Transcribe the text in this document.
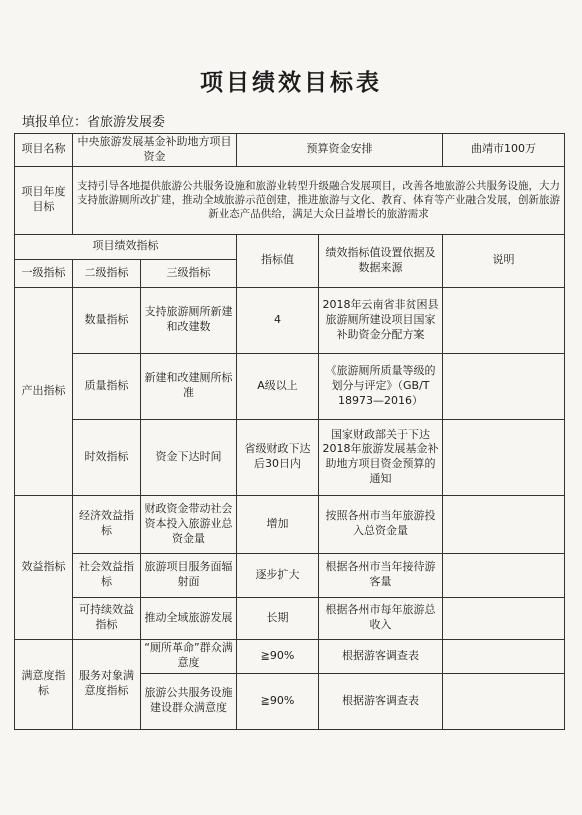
项目绩效目标表
填报单位：省旅游发展委
项目名称	中央旅游发展基金补助地方项目资金		预算资金安排		曲靖市100万
项目年度目标	支持引导各地提供旅游公共服务设施和旅游业转型升级融合发展项目，改善各地旅游公共服务设施，大力支持旅游厕所改扩建，推动全域旅游示范创建，推进旅游与文化、教育、体育等产业融合发展，创新旅游新业态产品供给，满足大众日益增长的旅游需求				
项目绩效指标			指标值	绩效指标值设置依据及数据来源	说明
一级指标	二级指标	三级指标			
产出指标	数量指标	支持旅游厕所新建和改建数	4	2018年云南省非贫困县旅游厕所建设项目国家补助资金分配方案	
	质量指标	新建和改建厕所标准	A级以上	《旅游厕所质量等级的划分与评定》（GB/T 18973—2016）	
	时效指标	资金下达时间	省级财政下达后30日内	国家财政部关于下达2018年旅游发展基金补助地方项目资金预算的通知	
效益指标	经济效益指标	财政资金带动社会资本投入旅游业总资金量	增加	按照各州市当年旅游投入总资金量	
	社会效益指标	旅游项目服务面辐射面	逐步扩大	根据各州市当年接待游客量	
	可持续效益指标	推动全域旅游发展	长期	根据各州市每年旅游总收入	
满意度指标	服务对象满意度指标	“厕所革命”群众满意度	≧90%	根据游客调查表	
		旅游公共服务设施建设群众满意度	≧90%	根据游客调查表	
